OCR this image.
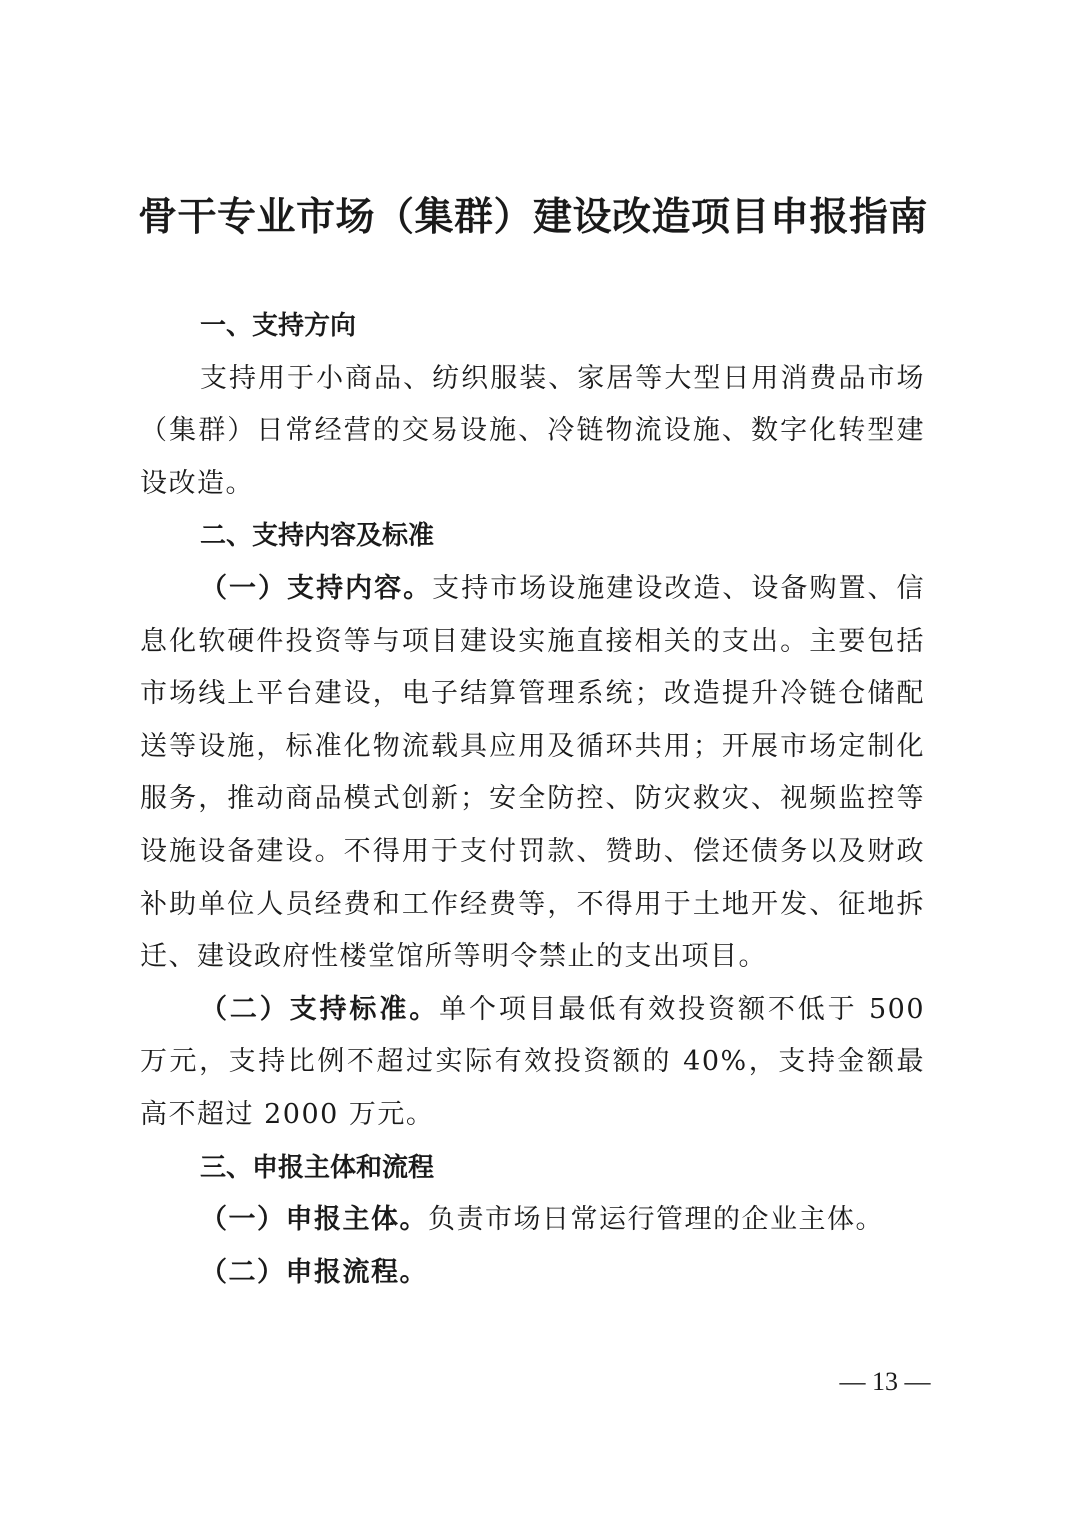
骨干专业市场（集群）建设改造项目申报指南

一、支持方向

支持用于小商品、纺织服装、家居等大型日用消费品市场（集群）日常经营的交易设施、冷链物流设施、数字化转型建设改造。

二、支持内容及标准

（一）支持内容。支持市场设施建设改造、设备购置、信息化软硬件投资等与项目建设实施直接相关的支出。主要包括市场线上平台建设，电子结算管理系统；改造提升冷链仓储配送等设施，标准化物流载具应用及循环共用；开展市场定制化服务，推动商品模式创新；安全防控、防灾救灾、视频监控等设施设备建设。不得用于支付罚款、赞助、偿还债务以及财政补助单位人员经费和工作经费等，不得用于土地开发、征地拆迁、建设政府性楼堂馆所等明令禁止的支出项目。

（二）支持标准。单个项目最低有效投资额不低于 500 万元，支持比例不超过实际有效投资额的 40%，支持金额最高不超过 2000 万元。

三、申报主体和流程

（一）申报主体。负责市场日常运行管理的企业主体。

（二）申报流程。

— 13 —
